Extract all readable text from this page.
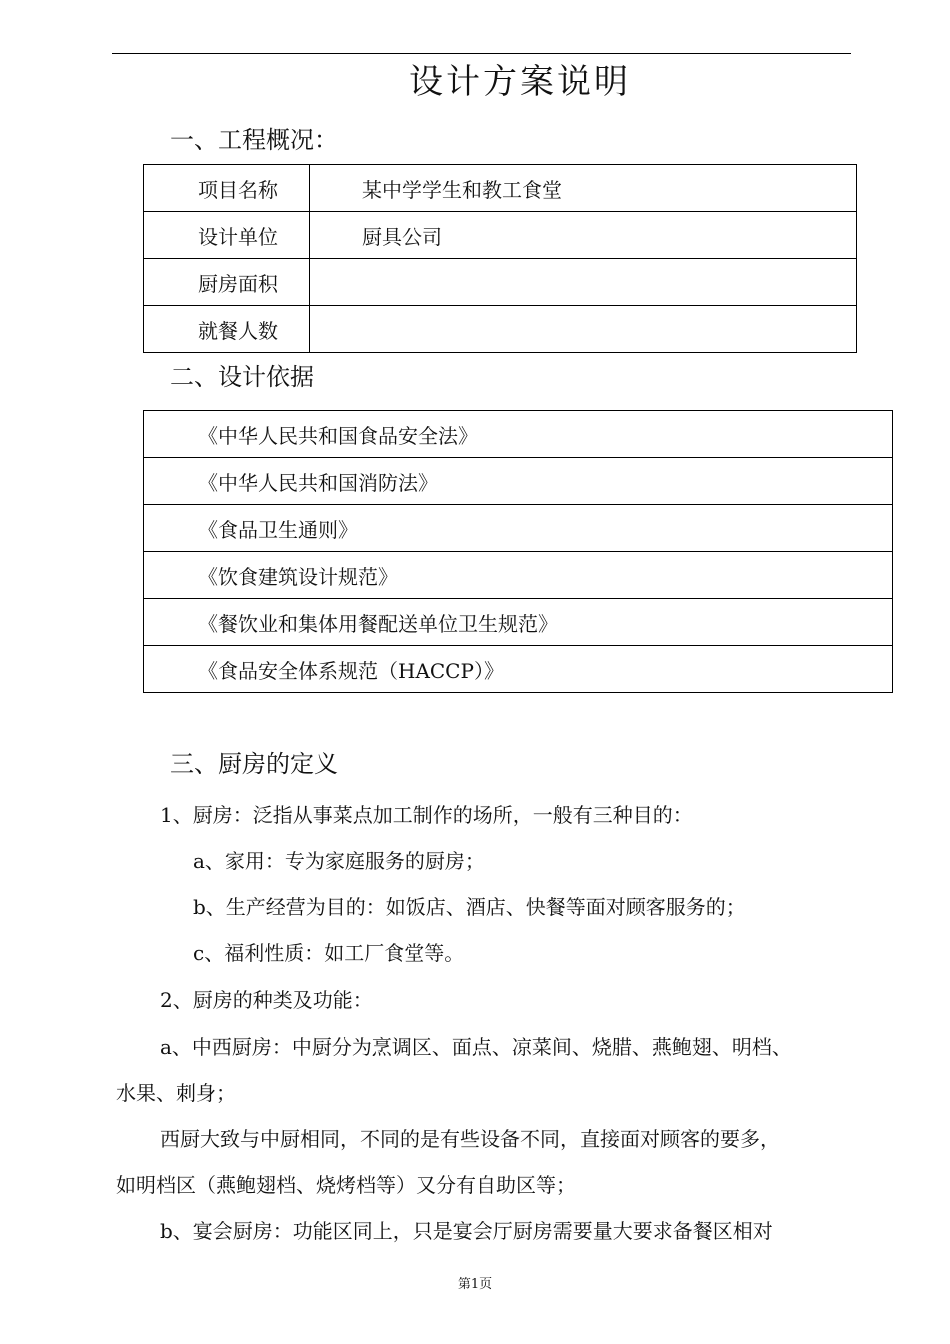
设计方案说明
一、工程概况：
项目名称	某中学学生和教工食堂
设计单位	厨具公司
厨房面积	
就餐人数	
二、设计依据
《中华人民共和国食品安全法》
《中华人民共和国消防法》
《食品卫生通则》
《饮食建筑设计规范》
《餐饮业和集体用餐配送单位卫生规范》
《食品安全体系规范（HACCP）》
三、厨房的定义
1、厨房：泛指从事菜点加工制作的场所，一般有三种目的：
a、家用：专为家庭服务的厨房；
b、生产经营为目的：如饭店、酒店、快餐等面对顾客服务的；
c、福利性质：如工厂食堂等。
2、厨房的种类及功能：
a、中西厨房：中厨分为烹调区、面点、凉菜间、烧腊、燕鲍翅、明档、
水果、刺身；
西厨大致与中厨相同，不同的是有些设备不同，直接面对顾客的要多，
如明档区（燕鲍翅档、烧烤档等）又分有自助区等；
b、宴会厨房：功能区同上，只是宴会厅厨房需要量大要求备餐区相对
第1页
